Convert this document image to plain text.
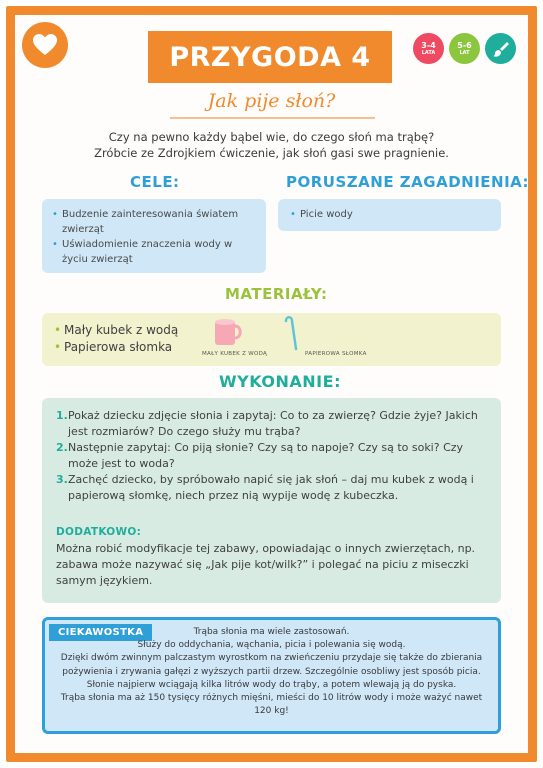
PRZYGODA 4	3-4
LATA
5-6
LAT
Jak pije słoń?
Czy na pewno każdy bąbel wie, do czego słoń ma trąbę?
Zróbcie ze Zdrojkiem ćwiczenie, jak słoń gasi swe pragnienie.
CELE:	PORUSZANE ZAGADNIENIA:
• Budzenie zainteresowania światem zwierząt
• Uświadomienie znaczenia wody w życiu zwierząt
• Picie wody
MATERIAŁY:
• Mały kubek z wodą
• Papierowa słomka	MAŁY KUBEK Z WODĄ	PAPIEROWA SŁOMKA
WYKONANIE:
1. Pokaż dziecku zdjęcie słonia i zapytaj: Co to za zwierzę? Gdzie żyje? Jakich jest rozmiarów? Do czego służy mu trąba?
2. Następnie zapytaj: Co piją słonie? Czy są to napoje? Czy są to soki? Czy może jest to woda?
3. Zachęć dziecko, by spróbowało napić się jak słoń – daj mu kubek z wodą i papierową słomkę, niech przez nią wypije wodę z kubeczka.
DODATKOWO:
Można robić modyfikacje tej zabawy, opowiadając o innych zwierzętach, np. zabawa może nazywać się „Jak pije kot/wilk?” i polegać na piciu z miseczki samym językiem.
CIEKAWOSTKA	Trąba słonia ma wiele zastosowań.
Służy do oddychania, wąchania, picia i polewania się wodą.
Dzięki dwóm zwinnym palczastym wyrostkom na zwieńczeniu przydaje się także do zbierania
pożywienia i zrywania gałęzi z wyższych partii drzew. Szczególnie osobliwy jest sposób picia.
Słonie najpierw wciągają kilka litrów wody do trąby, a potem wlewają ją do pyska.
Trąba słonia ma aż 150 tysięcy różnych mięśni, mieści do 10 litrów wody i może ważyć nawet 120 kg!
